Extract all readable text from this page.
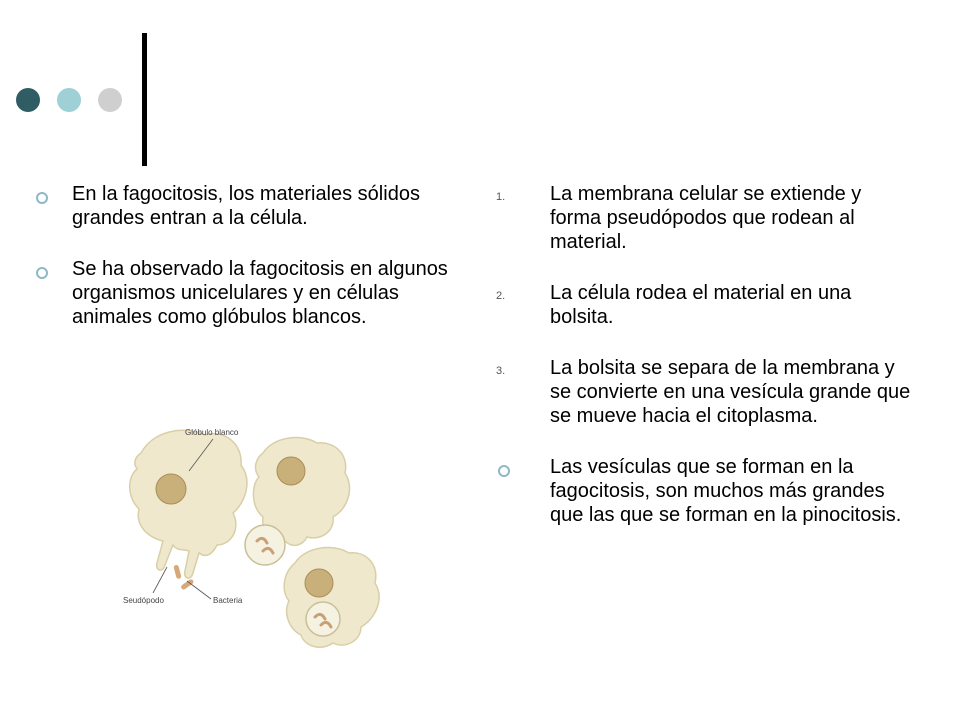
En la fagocitosis, los materiales sólidos grandes entran a la célula.
Se ha observado la fagocitosis en algunos organismos unicelulares y en células animales como glóbulos blancos.
Glóbulo blanco
Seudópodo	Bacteria
1. La membrana celular se extiende y forma pseudópodos que rodean al material.
2. La célula rodea el material en una bolsita.
3. La bolsita se separa de la membrana y se convierte en una vesícula grande que se mueve hacia el citoplasma.
Las vesículas que se forman en la fagocitosis, son muchos más grandes que las que se forman en la pinocitosis.
